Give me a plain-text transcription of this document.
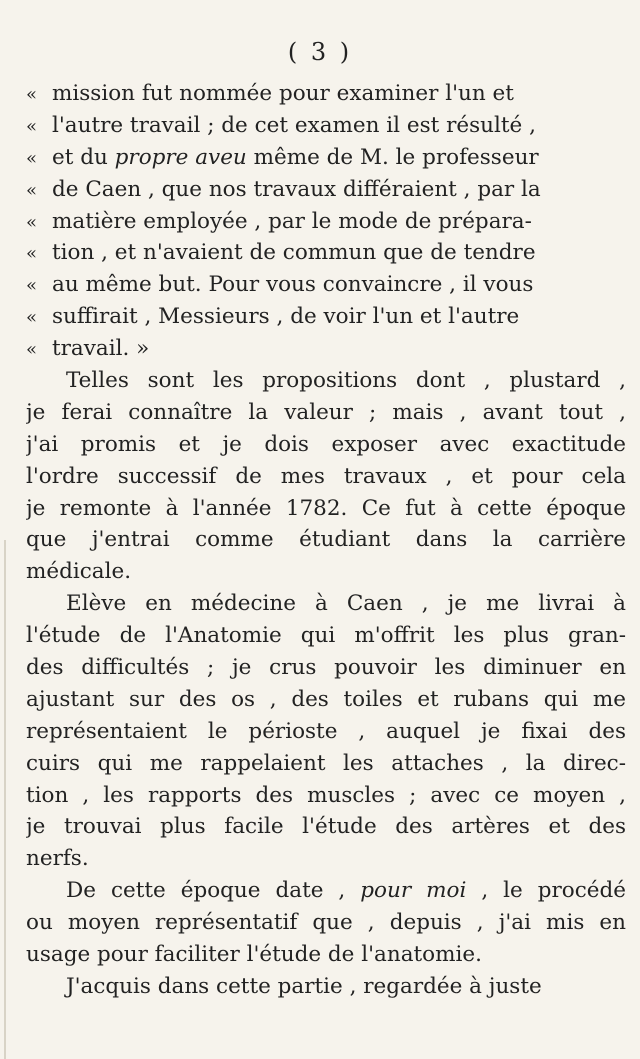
( 3 )
« mission fut nommée pour examiner l'un et
« l'autre travail ; de cet examen il est résulté ,
« et du propre aveu même de M. le professeur
« de Caen , que nos travaux différaient , par la
« matière employée , par le mode de prépara-
« tion , et n'avaient de commun que de tendre
« au même but. Pour vous convaincre , il vous
« suffirait , Messieurs , de voir l'un et l'autre
« travail. »
Telles sont les propositions dont , plustard ,
je ferai connaître la valeur ; mais , avant tout ,
j'ai promis et je dois exposer avec exactitude
l'ordre successif de mes travaux , et pour cela
je remonte à l'année 1782. Ce fut à cette époque
que j'entrai comme étudiant dans la carrière
médicale.
Elève en médecine à Caen , je me livrai à
l'étude de l'Anatomie qui m'offrit les plus gran-
des difficultés ; je crus pouvoir les diminuer en
ajustant sur des os , des toiles et rubans qui me
représentaient le périoste , auquel je fixai des
cuirs qui me rappelaient les attaches , la direc-
tion , les rapports des muscles ; avec ce moyen ,
je trouvai plus facile l'étude des artères et des
nerfs.
De cette époque date , pour moi , le procédé
ou moyen représentatif que , depuis , j'ai mis en
usage pour faciliter l'étude de l'anatomie.
J'acquis dans cette partie , regardée à juste
